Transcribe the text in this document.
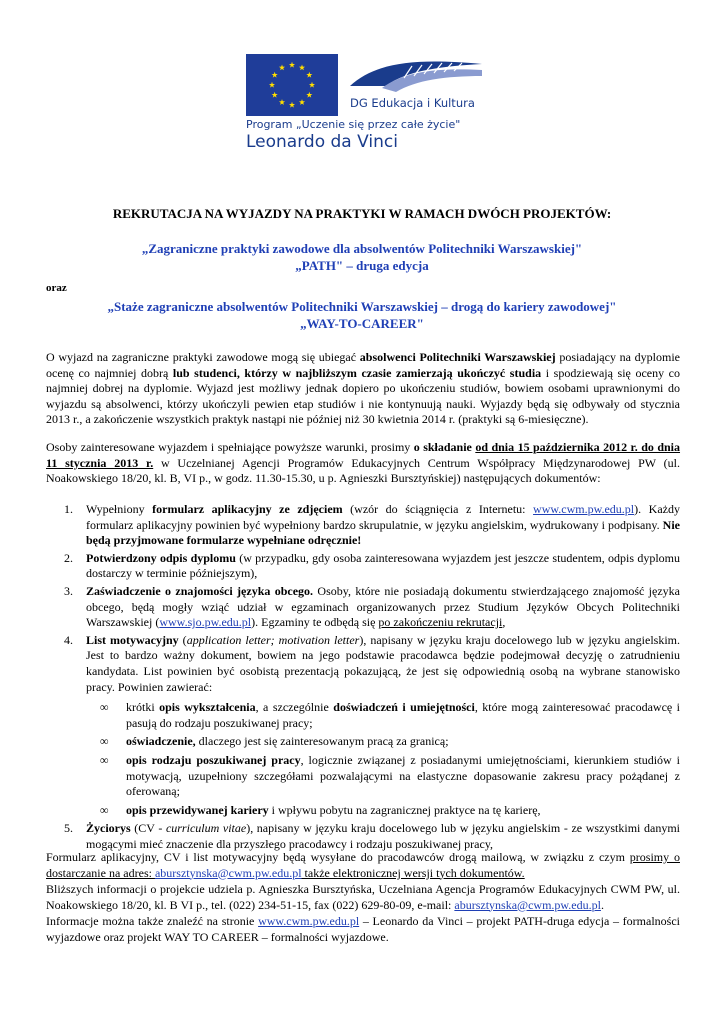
DG Edukacja i Kultura
Program „Uczenie się przez całe życie"
Leonardo da Vinci
REKRUTACJA NA WYJAZDY NA PRAKTYKI W RAMACH DWÓCH PROJEKTÓW:
„Zagraniczne praktyki zawodowe dla absolwentów Politechniki Warszawskiej"
„PATH" – druga edycja
oraz
„Staże zagraniczne absolwentów Politechniki Warszawskiej – drogą do kariery zawodowej"
„WAY-TO-CAREER"
O wyjazd na zagraniczne praktyki zawodowe mogą się ubiegać absolwenci Politechniki Warszawskiej posiadający na dyplomie ocenę co najmniej dobrą lub studenci, którzy w najbliższym czasie zamierzają ukończyć studia i spodziewają się oceny co najmniej dobrej na dyplomie. Wyjazd jest możliwy jednak dopiero po ukończeniu studiów, bowiem osobami uprawnionymi do wyjazdu są absolwenci, którzy ukończyli pewien etap studiów i nie kontynuują nauki. Wyjazdy będą się odbywały od stycznia 2013 r., a zakończenie wszystkich praktyk nastąpi nie później niż 30 kwietnia 2014 r. (praktyki są 6-miesięczne).
Osoby zainteresowane wyjazdem i spełniające powyższe warunki, prosimy o składanie od dnia 15 października 2012 r. do dnia 11 stycznia 2013 r. w Uczelnianej Agencji Programów Edukacyjnych Centrum Współpracy Międzynarodowej PW (ul. Noakowskiego 18/20, kl. B, VI p., w godz. 11.30-15.30, u p. Agnieszki Bursztyńskiej) następujących dokumentów:
1. Wypełniony formularz aplikacyjny ze zdjęciem (wzór do ściągnięcia z Internetu: www.cwm.pw.edu.pl). Każdy formularz aplikacyjny powinien być wypełniony bardzo skrupulatnie, w języku angielskim, wydrukowany i podpisany. Nie będą przyjmowane formularze wypełniane odręcznie!
2. Potwierdzony odpis dyplomu (w przypadku, gdy osoba zainteresowana wyjazdem jest jeszcze studentem, odpis dyplomu dostarczy w terminie późniejszym),
3. Zaświadczenie o znajomości języka obcego. Osoby, które nie posiadają dokumentu stwierdzającego znajomość języka obcego, będą mogły wziąć udział w egzaminach organizowanych przez Studium Języków Obcych Politechniki Warszawskiej (www.sjo.pw.edu.pl). Egzaminy te odbędą się po zakończeniu rekrutacji,
4. List motywacyjny (application letter; motivation letter), napisany w języku kraju docelowego lub w języku angielskim. Jest to bardzo ważny dokument, bowiem na jego podstawie pracodawca będzie podejmował decyzję o zatrudnieniu kandydata. List powinien być osobistą prezentacją pokazującą, że jest się odpowiednią osobą na wybrane stanowisko pracy. Powinien zawierać:
∞ krótki opis wykształcenia, a szczególnie doświadczeń i umiejętności, które mogą zainteresować pracodawcę i pasują do rodzaju poszukiwanej pracy;
∞ oświadczenie, dlaczego jest się zainteresowanym pracą za granicą;
∞ opis rodzaju poszukiwanej pracy, logicznie związanej z posiadanymi umiejętnościami, kierunkiem studiów i motywacją, uzupełniony szczegółami pozwalającymi na elastyczne dopasowanie zakresu pracy pożądanej z oferowaną;
∞ opis przewidywanej kariery i wpływu pobytu na zagranicznej praktyce na tę karierę,
5. Życiorys (CV - curriculum vitae), napisany w języku kraju docelowego lub w języku angielskim - ze wszystkimi danymi mogącymi mieć znaczenie dla przyszłego pracodawcy i rodzaju poszukiwanej pracy,
Formularz aplikacyjny, CV i list motywacyjny będą wysyłane do pracodawców drogą mailową, w związku z czym prosimy o dostarczanie na adres: abursztynska@cwm.pw.edu.pl także elektronicznej wersji tych dokumentów.
Bliższych informacji o projekcie udziela p. Agnieszka Bursztyńska, Uczelniana Agencja Programów Edukacyjnych CWM PW, ul. Noakowskiego 18/20, kl. B VI p., tel. (022) 234-51-15, fax (022) 629-80-09, e-mail: abursztynska@cwm.pw.edu.pl.
Informacje można także znaleźć na stronie www.cwm.pw.edu.pl – Leonardo da Vinci – projekt PATH-druga edycja – formalności wyjazdowe oraz projekt WAY TO CAREER – formalności wyjazdowe.
